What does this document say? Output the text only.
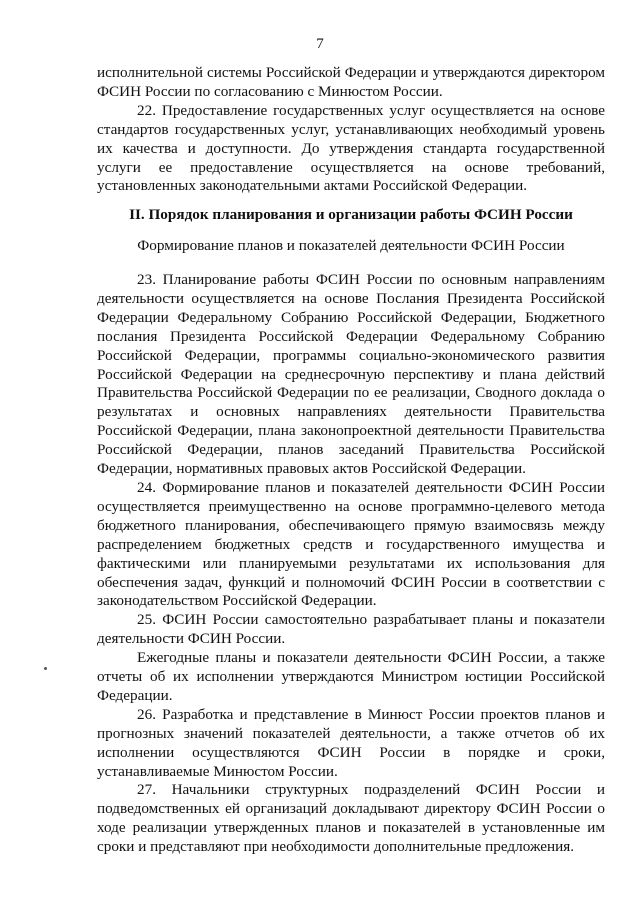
7

исполнительной системы Российской Федерации и утверждаются директором ФСИН России по согласованию с Минюстом России.

22. Предоставление государственных услуг осуществляется на основе стандартов государственных услуг, устанавливающих необходимый уровень их качества и доступности. До утверждения стандарта государственной услуги ее предоставление осуществляется на основе требований, установленных законодательными актами Российской Федерации.

II. Порядок планирования и организации работы ФСИН России
Формирование планов и показателей деятельности ФСИН России

23. Планирование работы ФСИН России по основным направлениям деятельности осуществляется на основе Послания Президента Российской Федерации Федеральному Собранию Российской Федерации, Бюджетного послания Президента Российской Федерации Федеральному Собранию Российской Федерации, программы социально-экономического развития Российской Федерации на среднесрочную перспективу и плана действий Правительства Российской Федерации по ее реализации, Сводного доклада о результатах и основных направлениях деятельности Правительства Российской Федерации, плана законопроектной деятельности Правительства Российской Федерации, планов заседаний Правительства Российской Федерации, нормативных правовых актов Российской Федерации.

24. Формирование планов и показателей деятельности ФСИН России осуществляется преимущественно на основе программно-целевого метода бюджетного планирования, обеспечивающего прямую взаимосвязь между распределением бюджетных средств и государственного имущества и фактическими или планируемыми результатами их использования для обеспечения задач, функций и полномочий ФСИН России в соответствии с законодательством Российской Федерации.

25. ФСИН России самостоятельно разрабатывает планы и показатели деятельности ФСИН России.

Ежегодные планы и показатели деятельности ФСИН России, а также отчеты об их исполнении утверждаются Министром юстиции Российской Федерации.

26. Разработка и представление в Минюст России проектов планов и прогнозных значений показателей деятельности, а также отчетов об их исполнении осуществляются ФСИН России в порядке и сроки, устанавливаемые Минюстом России.

27. Начальники структурных подразделений ФСИН России и подведомственных ей организаций докладывают директору ФСИН России о ходе реализации утвержденных планов и показателей в установленные им сроки и представляют при необходимости дополнительные предложения.
